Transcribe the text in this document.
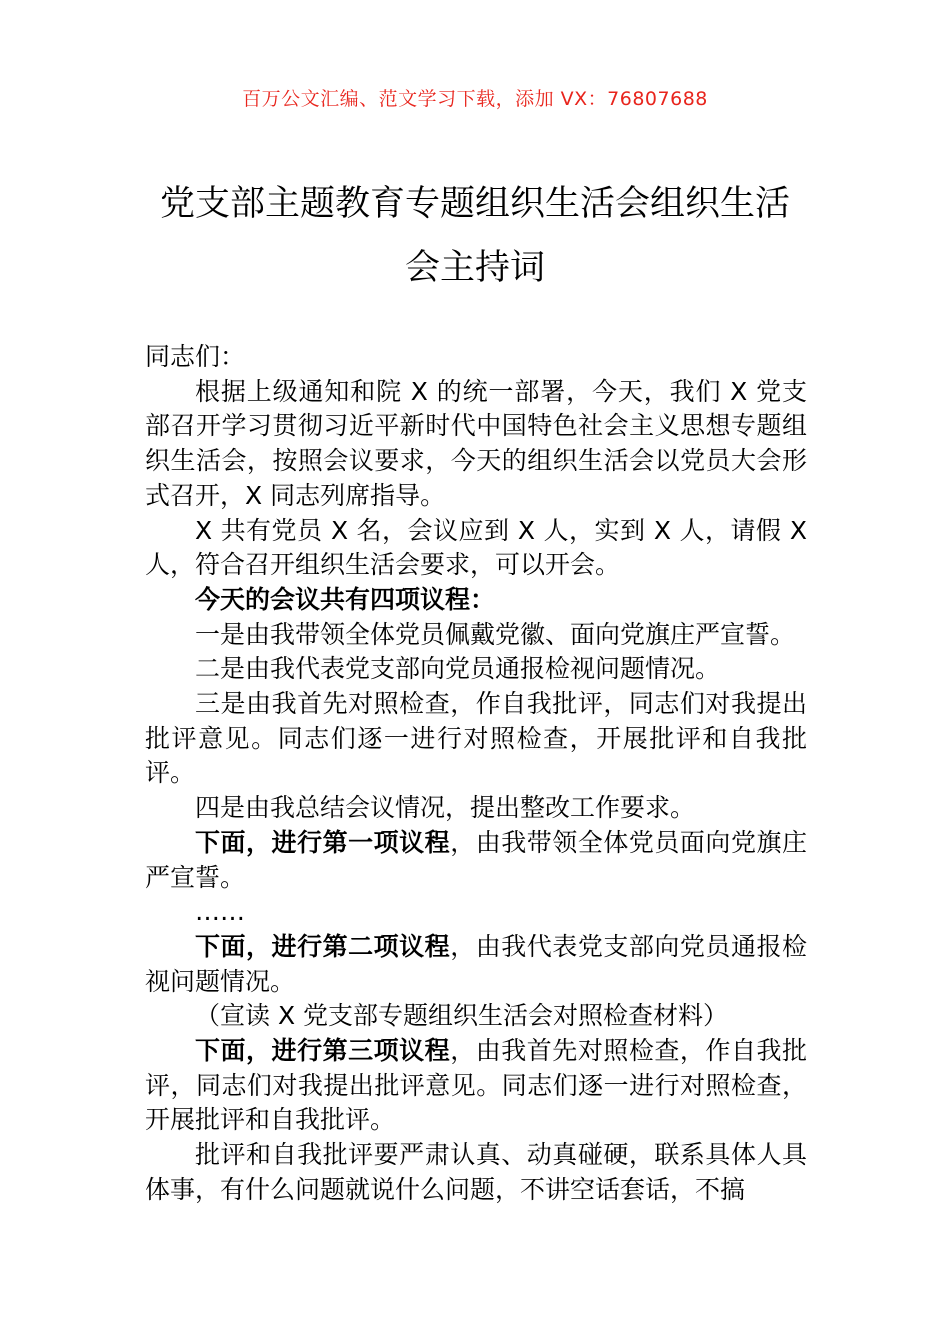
百万公文汇编、范文学习下载，添加 VX：76807688
党支部主题教育专题组织生活会组织生活会主持词

同志们：

根据上级通知和院 X 的统一部署，今天，我们 X 党支部召开学习贯彻习近平新时代中国特色社会主义思想专题组织生活会，按照会议要求，今天的组织生活会以党员大会形式召开，X 同志列席指导。

X 共有党员 X 名，会议应到 X 人，实到 X 人，请假 X 人，符合召开组织生活会要求，可以开会。

今天的会议共有四项议程：

一是由我带领全体党员佩戴党徽、面向党旗庄严宣誓。

二是由我代表党支部向党员通报检视问题情况。

三是由我首先对照检查，作自我批评，同志们对我提出批评意见。同志们逐一进行对照检查，开展批评和自我批评。

四是由我总结会议情况，提出整改工作要求。

下面，进行第一项议程，由我带领全体党员面向党旗庄严宣誓。

……

下面，进行第二项议程，由我代表党支部向党员通报检视问题情况。

（宣读 X 党支部专题组织生活会对照检查材料）

下面，进行第三项议程，由我首先对照检查，作自我批评，同志们对我提出批评意见。同志们逐一进行对照检查，开展批评和自我批评。

批评和自我批评要严肃认真、动真碰硬，联系具体人具体事，有什么问题就说什么问题，不讲空话套话，不搞
